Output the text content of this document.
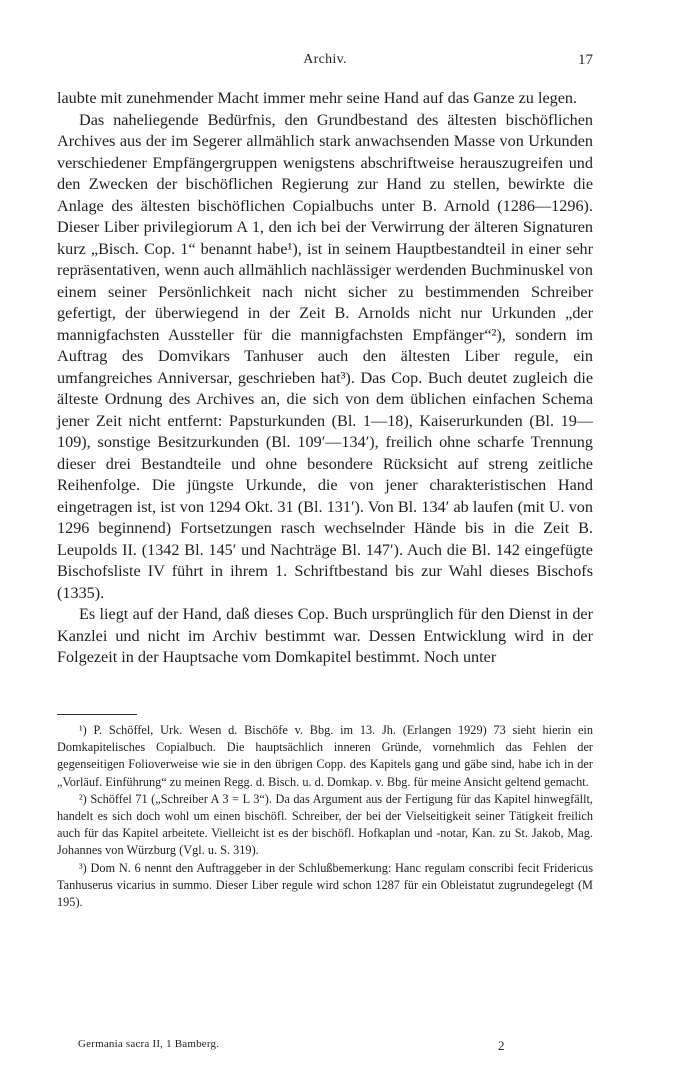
Archiv.	17

laubte mit zunehmender Macht immer mehr seine Hand auf das Ganze zu legen.

Das naheliegende Bedürfnis, den Grundbestand des ältesten bischöflichen Archives aus der im Segerer allmählich stark anwachsenden Masse von Urkunden verschiedener Empfängergruppen wenigstens abschriftweise herauszugreifen und den Zwecken der bischöflichen Regierung zur Hand zu stellen, bewirkte die Anlage des ältesten bischöflichen Copialbuchs unter B. Arnold (1286—1296). Dieser Liber privilegiorum A 1, den ich bei der Verwirrung der älteren Signaturen kurz „Bisch. Cop. 1“ benannt habe¹), ist in seinem Hauptbestandteil in einer sehr repräsentativen, wenn auch allmählich nachlässiger werdenden Buchminuskel von einem seiner Persönlichkeit nach nicht sicher zu bestimmenden Schreiber gefertigt, der überwiegend in der Zeit B. Arnolds nicht nur Urkunden „der mannigfachsten Aussteller für die mannigfachsten Empfänger“²), sondern im Auftrag des Domvikars Tanhuser auch den ältesten Liber regule, ein umfangreiches Anniversar, geschrieben hat³). Das Cop. Buch deutet zugleich die älteste Ordnung des Archives an, die sich von dem üblichen einfachen Schema jener Zeit nicht entfernt: Papsturkunden (Bl. 1—18), Kaiserurkunden (Bl. 19—109), sonstige Besitzurkunden (Bl. 109′—134′), freilich ohne scharfe Trennung dieser drei Bestandteile und ohne besondere Rücksicht auf streng zeitliche Reihenfolge. Die jüngste Urkunde, die von jener charakteristischen Hand eingetragen ist, ist von 1294 Okt. 31 (Bl. 131′). Von Bl. 134′ ab laufen (mit U. von 1296 beginnend) Fortsetzungen rasch wechselnder Hände bis in die Zeit B. Leupolds II. (1342 Bl. 145′ und Nachträge Bl. 147′). Auch die Bl. 142 eingefügte Bischofsliste IV führt in ihrem 1. Schriftbestand bis zur Wahl dieses Bischofs (1335).

Es liegt auf der Hand, daß dieses Cop. Buch ursprünglich für den Dienst in der Kanzlei und nicht im Archiv bestimmt war. Dessen Entwicklung wird in der Folgezeit in der Hauptsache vom Domkapitel bestimmt. Noch unter

¹) P. Schöffel, Urk. Wesen d. Bischöfe v. Bbg. im 13. Jh. (Erlangen 1929) 73 sieht hierin ein Domkapitelisches Copialbuch. Die hauptsächlich inneren Gründe, vornehmlich das Fehlen der gegenseitigen Folioverweise wie sie in den übrigen Copp. des Kapitels gang und gäbe sind, habe ich in der „Vorläuf. Einführung“ zu meinen Regg. d. Bisch. u. d. Domkap. v. Bbg. für meine Ansicht geltend gemacht.

²) Schöffel 71 („Schreiber A 3 = L 3“). Da das Argument aus der Fertigung für das Kapitel hinwegfällt, handelt es sich doch wohl um einen bischöfl. Schreiber, der bei der Vielseitigkeit seiner Tätigkeit freilich auch für das Kapitel arbeitete. Vielleicht ist es der bischöfl. Hofkaplan und -notar, Kan. zu St. Jakob, Mag. Johannes von Würzburg (Vgl. u. S. 319).

³) Dom N. 6 nennt den Auftraggeber in der Schlußbemerkung: Hanc regulam conscribi fecit Fridericus Tanhuserus vicarius in summo. Dieser Liber regule wird schon 1287 für ein Obleistatut zugrundegelegt (M 195).

Germania sacra II, 1 Bamberg.	2
